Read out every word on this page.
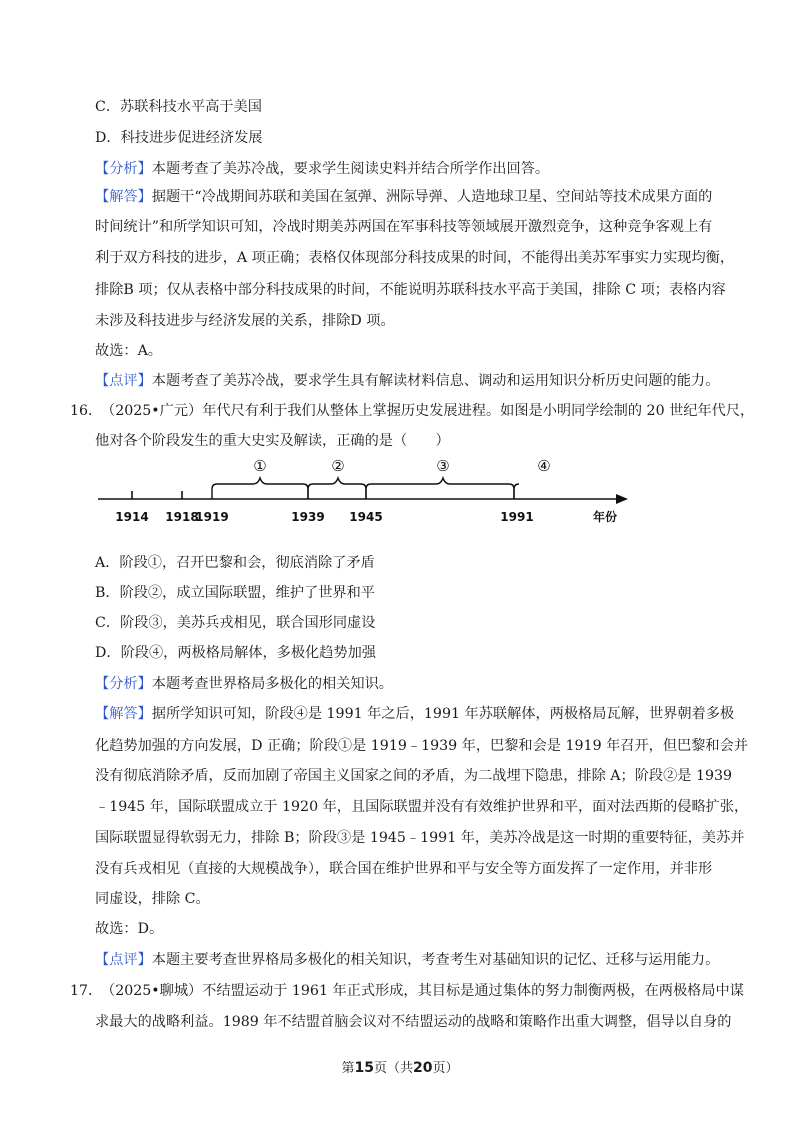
C．苏联科技水平高于美国
D．科技进步促进经济发展
【分析】本题考查了美苏冷战，要求学生阅读史料并结合所学作出回答。
【解答】据题干“冷战期间苏联和美国在氢弹、洲际导弹、人造地球卫星、空间站等技术成果方面的
时间统计”和所学知识可知，冷战时期美苏两国在军事科技等领域展开激烈竞争，这种竞争客观上有
利于双方科技的进步，A 项正确；表格仅体现部分科技成果的时间，不能得出美苏军事实力实现均衡，
排除B 项；仅从表格中部分科技成果的时间，不能说明苏联科技水平高于美国，排除 C 项；表格内容
未涉及科技进步与经济发展的关系，排除D 项。
故选：A。
【点评】本题考查了美苏冷战，要求学生具有解读材料信息、调动和运用知识分析历史问题的能力。
16．
（2025•广元）年代尺有利于我们从整体上掌握历史发展进程。如图是小明同学绘制的 20 世纪年代尺，
他对各个阶段发生的重大史实及解读，正确的是（　　）
①	②	③	④
1914 1918
1919	1939 1945	1991	年份
A．阶段①，召开巴黎和会，彻底消除了矛盾
B．阶段②，成立国际联盟，维护了世界和平
C．阶段③，美苏兵戎相见，联合国形同虚设
D．阶段④，两极格局解体，多极化趋势加强
【分析】本题考查世界格局多极化的相关知识。
【解答】据所学知识可知，阶段④是 1991 年之后，1991 年苏联解体，两极格局瓦解，世界朝着多极
化趋势加强的方向发展，D 正确；阶段①是 1919﹣1939 年，巴黎和会是 1919 年召开，但巴黎和会并
没有彻底消除矛盾，反而加剧了帝国主义国家之间的矛盾，为二战埋下隐患，排除 A；阶段②是 1939
﹣1945 年，国际联盟成立于 1920 年，且国际联盟并没有有效维护世界和平，面对法西斯的侵略扩张，
国际联盟显得软弱无力，排除 B；阶段③是 1945﹣1991 年，美苏冷战是这一时期的重要特征，美苏并
没有兵戎相见（直接的大规模战争），联合国在维护世界和平与安全等方面发挥了一定作用，并非形
同虚设，排除 C。
故选：D。
【点评】本题主要考查世界格局多极化的相关知识，考查考生对基础知识的记忆、迁移与运用能力。
17．
（2025•聊城）不结盟运动于 1961 年正式形成，其目标是通过集体的努力制衡两极，在两极格局中谋
求最大的战略利益。1989 年不结盟首脑会议对不结盟运动的战略和策略作出重大调整，倡导以自身的
第15页（共20页）
